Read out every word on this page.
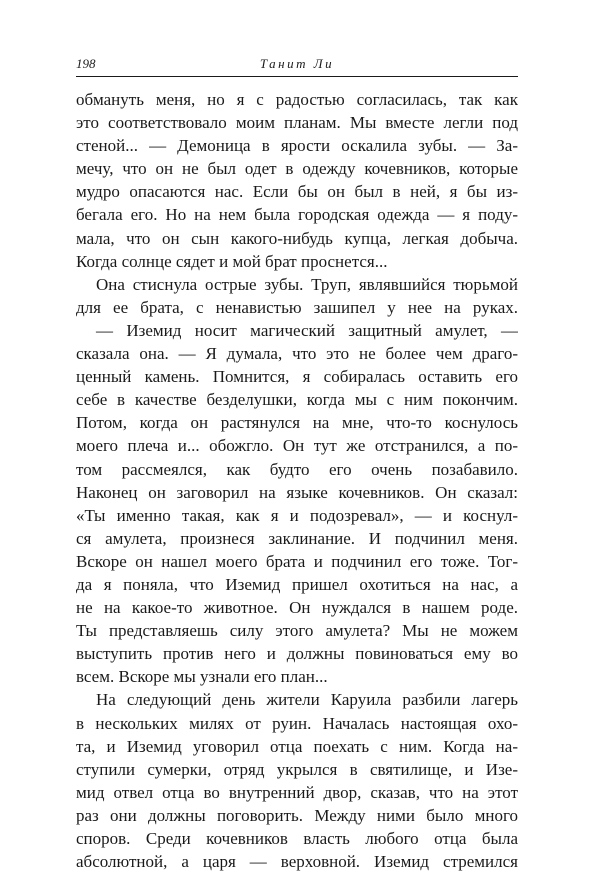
198	Танит Ли
обмануть меня, но я с радостью согласилась, так как
это соответствовало моим планам. Мы вместе легли под
стеной... — Демоница в ярости оскалила зубы. — За-
мечу, что он не был одет в одежду кочевников, которые
мудро опасаются нас. Если бы он был в ней, я бы из-
бегала его. Но на нем была городская одежда — я поду-
мала, что он сын какого-нибудь купца, легкая добыча.
Когда солнце сядет и мой брат проснется...
Она стиснула острые зубы. Труп, являвшийся тюрьмой
для ее брата, с ненавистью зашипел у нее на руках.
— Иземид носит магический защитный амулет, —
сказала она. — Я думала, что это не более чем драго-
ценный камень. Помнится, я собиралась оставить его
себе в качестве безделушки, когда мы с ним покончим.
Потом, когда он растянулся на мне, что-то коснулось
моего плеча и... обожгло. Он тут же отстранился, а по-
том рассмеялся, как будто его очень позабавило.
Наконец он заговорил на языке кочевников. Он сказал:
«Ты именно такая, как я и подозревал», — и коснул-
ся амулета, произнеся заклинание. И подчинил меня.
Вскоре он нашел моего брата и подчинил его тоже. Тог-
да я поняла, что Иземид пришел охотиться на нас, а
не на какое-то животное. Он нуждался в нашем роде.
Ты представляешь силу этого амулета? Мы не можем
выступить против него и должны повиноваться ему во
всем. Вскоре мы узнали его план...
На следующий день жители Каруила разбили лагерь
в нескольких милях от руин. Началась настоящая охо-
та, и Иземид уговорил отца поехать с ним. Когда на-
ступили сумерки, отряд укрылся в святилище, и Изе-
мид отвел отца во внутренний двор, сказав, что на этот
раз они должны поговорить. Между ними было много
споров. Среди кочевников власть любого отца была
абсолютной, а царя — верховной. Иземид стремился
